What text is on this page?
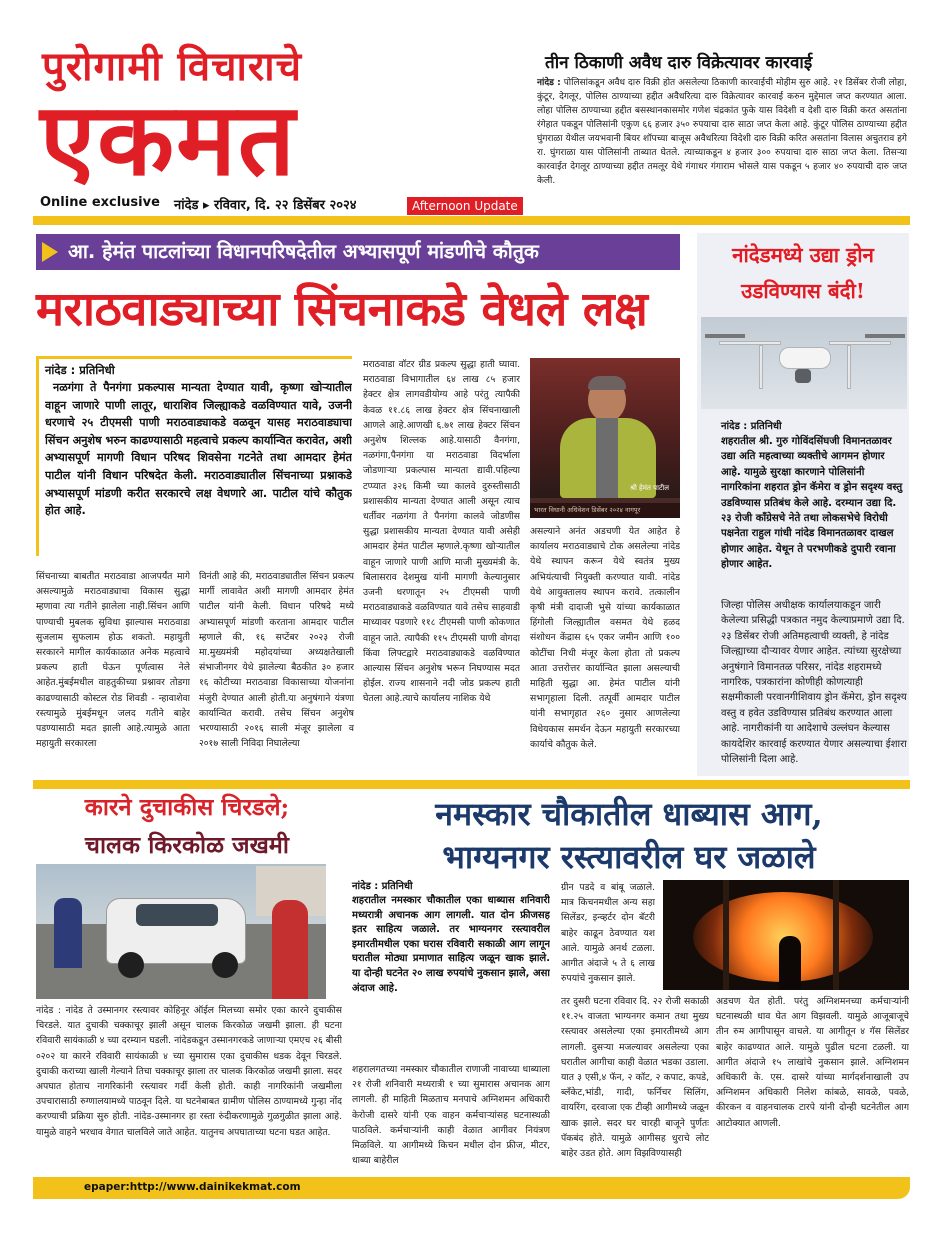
पुरोगामी विचाराचे
एकमत
Online exclusive नांदेड ▸ रविवार, दि. २२ डिसेंबर २०२४	Afternoon Update
तीन ठिकाणी अवैध दारु विक्रेत्यावर कारवाई
नांदेड : पोलिसांकडून अवैध दारु विक्री होत असलेल्या ठिकाणी कारवाईची मोहीम सुरु आहे. २१ डिसेंबर रोजी लोहा, कुंटूर, देगलूर, पोलिस ठाण्याच्या हद्दीत अवैधरित्या दारु विक्रेत्यावर कारवाई करुन मुद्देमाल जप्त करण्यात आला. लोहा पोलिस ठाण्याच्या हद्दीत बसस्थानकासमोर गणेश चंद्रकांत फुके यास विदेशी व देशी दारु विक्री करत असतांना रंगेहात पकडून पोलिसांनी एकुण ६६ हजार ३५० रुपयाचा दारु साठा जप्त केला आहे. कुंटूर पोलिस ठाण्याच्या हद्दीत घुंगराळा येथील जयभवानी बियर शॉपच्या बाजूस अवैधरित्या विदेशी दारु विक्री करित असतांना विलास अचुतराव हगे रा. घुंगराळा यास पोलिसांनी ताब्यात घेतले. त्याच्याकडून ४ हजार ३०० रुपयाचा दारु साठा जप्त केला. तिसऱ्या कारवाईत देगलूर ठाण्याच्या हद्दीत तमलूर येथे गंगाधर गंगाराम भोसले यास पकडून ५ हजार ४० रुपयाची दारु जप्त केली.
आ. हेमंत पाटलांच्या विधानपरिषदेतील अभ्यासपूर्ण मांडणीचे कौतुक
मराठवाड्याच्या सिंचनाकडे वेधले लक्ष
नांदेड : प्रतिनिधी
नळगंगा ते पैनगंगा प्रकल्पास मान्यता देण्यात यावी, कृष्णा खोऱ्यातील वाहून जाणारे पाणी लातूर, धाराशिव जिल्ह्याकडे वळविण्यात यावे, उजनी धरणाचे २५ टीएमसी पाणी मराठवाड्याकडे वळवून यासह मराठवाड्याचा सिंचन अनुशेष भरुन काढण्यासाठी महत्वाचे प्रकल्प कार्यान्वित करावेत, अशी अभ्यासपूर्ण मागणी विधान परिषद शिवसेना गटनेते तथा आमदार हेमंत पाटील यांनी विधान परिषदेत केली. मराठवाड्यातील सिंचनाच्या प्रश्नाकडे अभ्यासपूर्ण मांडणी करीत सरकारचे लक्ष वेधणारे आ. पाटील यांचे कौतुक होत आहे.
मराठवाडा वॉटर ग्रीड प्रकल्प सुद्धा हाती घ्यावा. मराठवाडा विभागातील ६४ लाख ८५ हजार हेक्टर क्षेत्र लागवडीयोग्य आहे परंतु त्यापैकी केवळ ११.८६ लाख हेक्टर क्षेत्र सिंचनाखाली आणले आहे.आणखी ६.७१ लाख हेक्टर सिंचन अनुशेष शिल्लक आहे.यासाठी वैनगंगा, नळगंगा,पैनगंगा या मराठवाडा विदर्भाला जोडणाऱ्या प्रकल्पास मान्यता द्यावी.पहिल्या टप्प्यात ३२६ किमी च्या कालवे दुरुस्तीसाठी प्रशासकीय मान्यता देण्यात आली असून त्याच धर्तीवर नळगंगा ते पैनगंगा कालवे जोडणीस सुद्धा प्रशासकीय मान्यता देण्यात यावी असेही आमदार हेमंत पाटील म्हणाले.कृष्णा खोऱ्यातील वाहून जाणारे पाणी आणि माजी मुख्यमंत्री के. बिलासराव देशमुख यांनी मागणी केल्यानुसार उजनी धरणातून २५ टीएमसी पाणी मराठवाड्याकडे वळविण्यात यावे तसेच साहवाडी माध्यावर पडणारे ११८ टीएमसी पाणी कोकणात वाहून जाते. त्यापैकी ११५ टीएमसी पाणी वोगदा किंवा लिफ्टद्वारे मराठवाड्याकडे वळविण्यात आल्यास सिंचन अनुशेष भरून निघण्यास मदत होईल. राज्य शासनाने नदी जोड प्रकल्प हाती घेतला आहे.त्याचे कार्यालय नाशिक येथे
श्री हेमंत पाटील
भारत विधानी अधिवेशन डिसेंबर २०२४ नागपूर
असल्याने अनंत अडचणी येत आहेत हे कार्यालय मराठवाड्याचे टोक असलेल्या नांदेड येथे स्थापन करून येथे स्वतंत्र मुख्य अभियंत्याची नियुक्ती करण्यात यावी. नांदेड येथे आयुक्तालय स्थापन करावे. तत्कालीन कृषी मंत्री दादाजी भुसे यांच्या कार्यकाळात हिंगोली जिल्ह्यातील वसमत येथे हळद संशोधन केंद्रास ६५ एकर जमीन आणि १०० कोटींचा निधी मंजूर केला होता तो प्रकल्प आता उत्तरोत्तर कार्यान्वित झाला असल्याची माहिती सुद्धा आ. हेमंत पाटील यांनी सभागृहाला दिली. तत्पूर्वी आमदार पाटील यांनी सभागृहात २६० नुसार आणलेल्या विधेयकास समर्थन देऊन महायुती सरकारच्या कार्याचे कौतुक केले.
सिंचनाच्या बाबतीत मराठवाडा आजपर्यंत मागे असल्यामुळे मराठवाड्याचा विकास सुद्धा म्हणावा त्या गतीने झालेला नाही.सिंचन आणि पाण्याची मुबलक सुविधा झाल्यास मराठवाडा सुजलाम सुफलाम होऊ शकतो. महायुती सरकारने मागील कार्यकाळात अनेक महत्वाचे प्रकल्प हाती घेऊन पूर्णत्वास नेले आहेत.मुंबईमधील वाहतुकीच्या प्रश्नावर तोडगा काढण्यासाठी कोस्टल रोड शिवडी - न्हावाशेवा रस्त्यामुळे मुंबईमधून जलद गतीने बाहेर पडण्यासाठी मदत झाली आहे.त्यामुळे आता महायुती सरकारला
विनंती आहे की, मराठवाड्यातील सिंचन प्रकल्प मार्गी लावावेत अशी मागणी आमदार हेमंत पाटील यांनी केली. विधान परिषदे मध्ये अभ्यासपूर्ण मांडणी करताना आमदार पाटील म्हणाले की, १६ सप्टेंबर २०२३ रोजी मा.मुख्यमंत्री महोदयांच्या अध्यक्षतेखाली संभाजीनगर येथे झालेल्या बैठकीत ३० हजार १६ कोटीच्या मराठवाडा विकासाच्या योजनांना मंजुरी देण्यात आली होती.या अनुषंगाने यंत्रणा कार्यान्वित करावी. तसेच सिंचन अनुशेष भरण्यासाठी २०१६ साली मंजूर झालेला व २०१७ साली निविदा निघालेल्या
नांदेडमध्ये उद्या ड्रोन उडविण्यास बंदी!
नांदेड : प्रतिनिधी
शहरातील श्री. गुरु गोविंदसिंघजी विमानतळावर उद्या अति महत्वाच्या व्यक्तीचे आगमन होणार आहे. यामुळे सुरक्षा कारणाने पोलिसांनी नागरिकांना शहरात ड्रोन कॅमेरा व ड्रोन सदृश्य वस्तु उडविण्यास प्रतिबंध केले आहे. दरम्यान उद्या दि. २३ रोजी काँग्रेसचे नेते तथा लोकसभेचे विरोधी पक्षनेता राहुल गांधी नांदेड विमानतळावर दाखल होणार आहेत. येथून ते परभणीकडे दुपारी रवाना होणार आहेत.
जिल्हा पोलिस अधीक्षक कार्यालयाकडून जारी केलेल्या प्रसिद्धी पत्रकात नमुद केल्याप्रमाणे उद्या दि. २३ डिसेंबर रोजी अतिमहत्वाची व्यक्ती, हे नांदेड जिल्ह्याच्या दौऱ्यावर येणार आहेत. त्यांच्या सुरक्षेच्या अनुषंगाने विमानतळ परिसर, नांदेड शहरामध्ये नागरिक, पत्रकारांना कोणीही कोणत्याही सक्षमीकाली परवानगीशिवाय ड्रोन कॅमेरा, ड्रोन सदृश्य वस्तु व हवेत उडविण्यास प्रतिबंध करण्यात आला आहे. नागरीकांनी या आदेशाचे उल्लंघन केल्यास कायदेशिर कारवाई करण्यात येणार असल्याचा ईशारा पोलिसांनी दिला आहे.
कारने दुचाकीस चिरडले;
चालक किरकोळ जखमी
नांदेड : नांदेड ते उस्मानगर रस्त्यावर कोहिनूर ऑईल मिलच्या समोर एका कारने दुचाकीस चिरडले. यात दुचाकी चक्काचूर झाली असून चालक किरकोळ जखमी झाला. ही घटना रविवारी सायंकाळी ४ च्या दरम्यान घडली. नांदेडकडून उस्मानगरकडे जाणाऱ्या एमएच २६ बीसी ०२०२ या कारने रविवारी सायंकाळी ४ च्या सुमारास एका दुचाकीस धडक देवून चिरडले. दुचाकी कराच्या खाली गेल्याने तिचा चक्काचूर झाला तर चालक किरकोळ जखमी झाला. सदर अपघात होताच नागरिकांनी रस्त्यावर गर्दी केली होती. काही नागरिकांनी जखमीला उपचारासाठी रुग्णालयामध्ये पाठवून दिले. या घटनेबाबत ग्रामीण पोलिस ठाण्यामध्ये गुन्हा नोंद करण्याची प्रक्रिया सुरु होती. नांदेड-उस्मानगर हा रस्ता रुंदीकरणामुळे गुळगुळीत झाला आहे. यामुळे वाहने भरधाव वेगात चालविले जाते आहेत. यातुनच अपघाताच्या घटना घडत आहेत.
नमस्कार चौकातील धाब्यास आग,
भाग्यनगर रस्त्यावरील घर जळाले
नांदेड : प्रतिनिधी
शहरातील नमस्कार चौकातील एका धाब्यास शनिवारी मध्यरात्री अचानक आग लागली. यात दोन फ्रीजसह इतर साहित्य जळाले. तर भाग्यनगर रस्त्यावरील इमारतीमधील एका घरास रविवारी सकाळी आग लागून घरातील मोठ्या प्रमाणात साहित्य जळून खाक झाले. या दोन्ही घटनेत २० लाख रुपयांचे नुकसान झाले, असा अंदाज आहे.
शहरालगतच्या नमस्कार चौकातील राणाजी नावाच्या धाब्याला २१ रोजी शनिवारी मध्यरात्री १ च्या सुमारास अचानक आग लागली. ही माहिती मिळताच मनपाचे अग्निशमन अधिकारी केरोजी दासरे यांनी एक वाहन कर्मचाऱ्यांसह घटनास्थळी पाठविले. कर्मचाऱ्यांनी काही वेळात आगीवर नियंत्रण मिळविले. या आगीमध्ये किचन मधील दोन फ्रीज, मीटर, धाब्या बाहेरील
ग्रीन पडदे व बांबू जळाले. मात्र किचनमधील अन्य सहा सिलेंडर, इन्व्हर्टर दोन बॅटरी बाहेर काढून ठेवण्यात यश आले. यामुळे अनर्थ टळला. आगीत अंदाजे ५ ते ६ लाख रुपयांचे नुकसान झाले.
तर दुसरी घटना रविवार दि. २२ रोजी सकाळी ११.२५ वाजता भाग्यनगर कमान तथा मुख्य रस्त्यावर असलेल्या एका इमारतीमध्ये आग लागली. दुसऱ्या मजल्यावर असलेल्या एका घरातील आगीचा काही वेळात भडका उडाला. यात ३ एसी,४ फॅन, २ कॉट, २ कपाट, कपडे, ब्लॅंकेट,भांडी, गादी, फर्निचर सिलिंग, वायरिंग, दरवाजा एक टीव्ही आगीमध्ये जळून खाक झाले. सदर घर चारही बाजूने पुर्णतः पॅकबंद होते. यामुळे आगीसह धुराचे लोट बाहेर उडत होते. आग विझविण्यासही
अडचण येत होती. परंतु अग्निशमनच्या कर्मचाऱ्यांनी घटनास्थळी धाव घेत आग विझवली. यामुळे आजूबाजूचे तीन रुम आगीपासून वाचले. या आगीतून ४ गॅस सिलेंडर बाहेर काढण्यात आले. यामुळे पुढील घटना टळली. या आगीत अंदाजे १५ लाखांचे नुकसान झाले. अग्निशमन अधिकारी के. एस. दासरे यांच्या मार्गदर्शनाखाली उप अग्निशमन अधिकारी निलेश कांबळे, सावळे, पवळे, कीरकन व वाहनचालक टारपे यांनी दोन्ही घटनेतील आग आटोक्यात आणली.
epaper:http://www.dainikekmat.com
